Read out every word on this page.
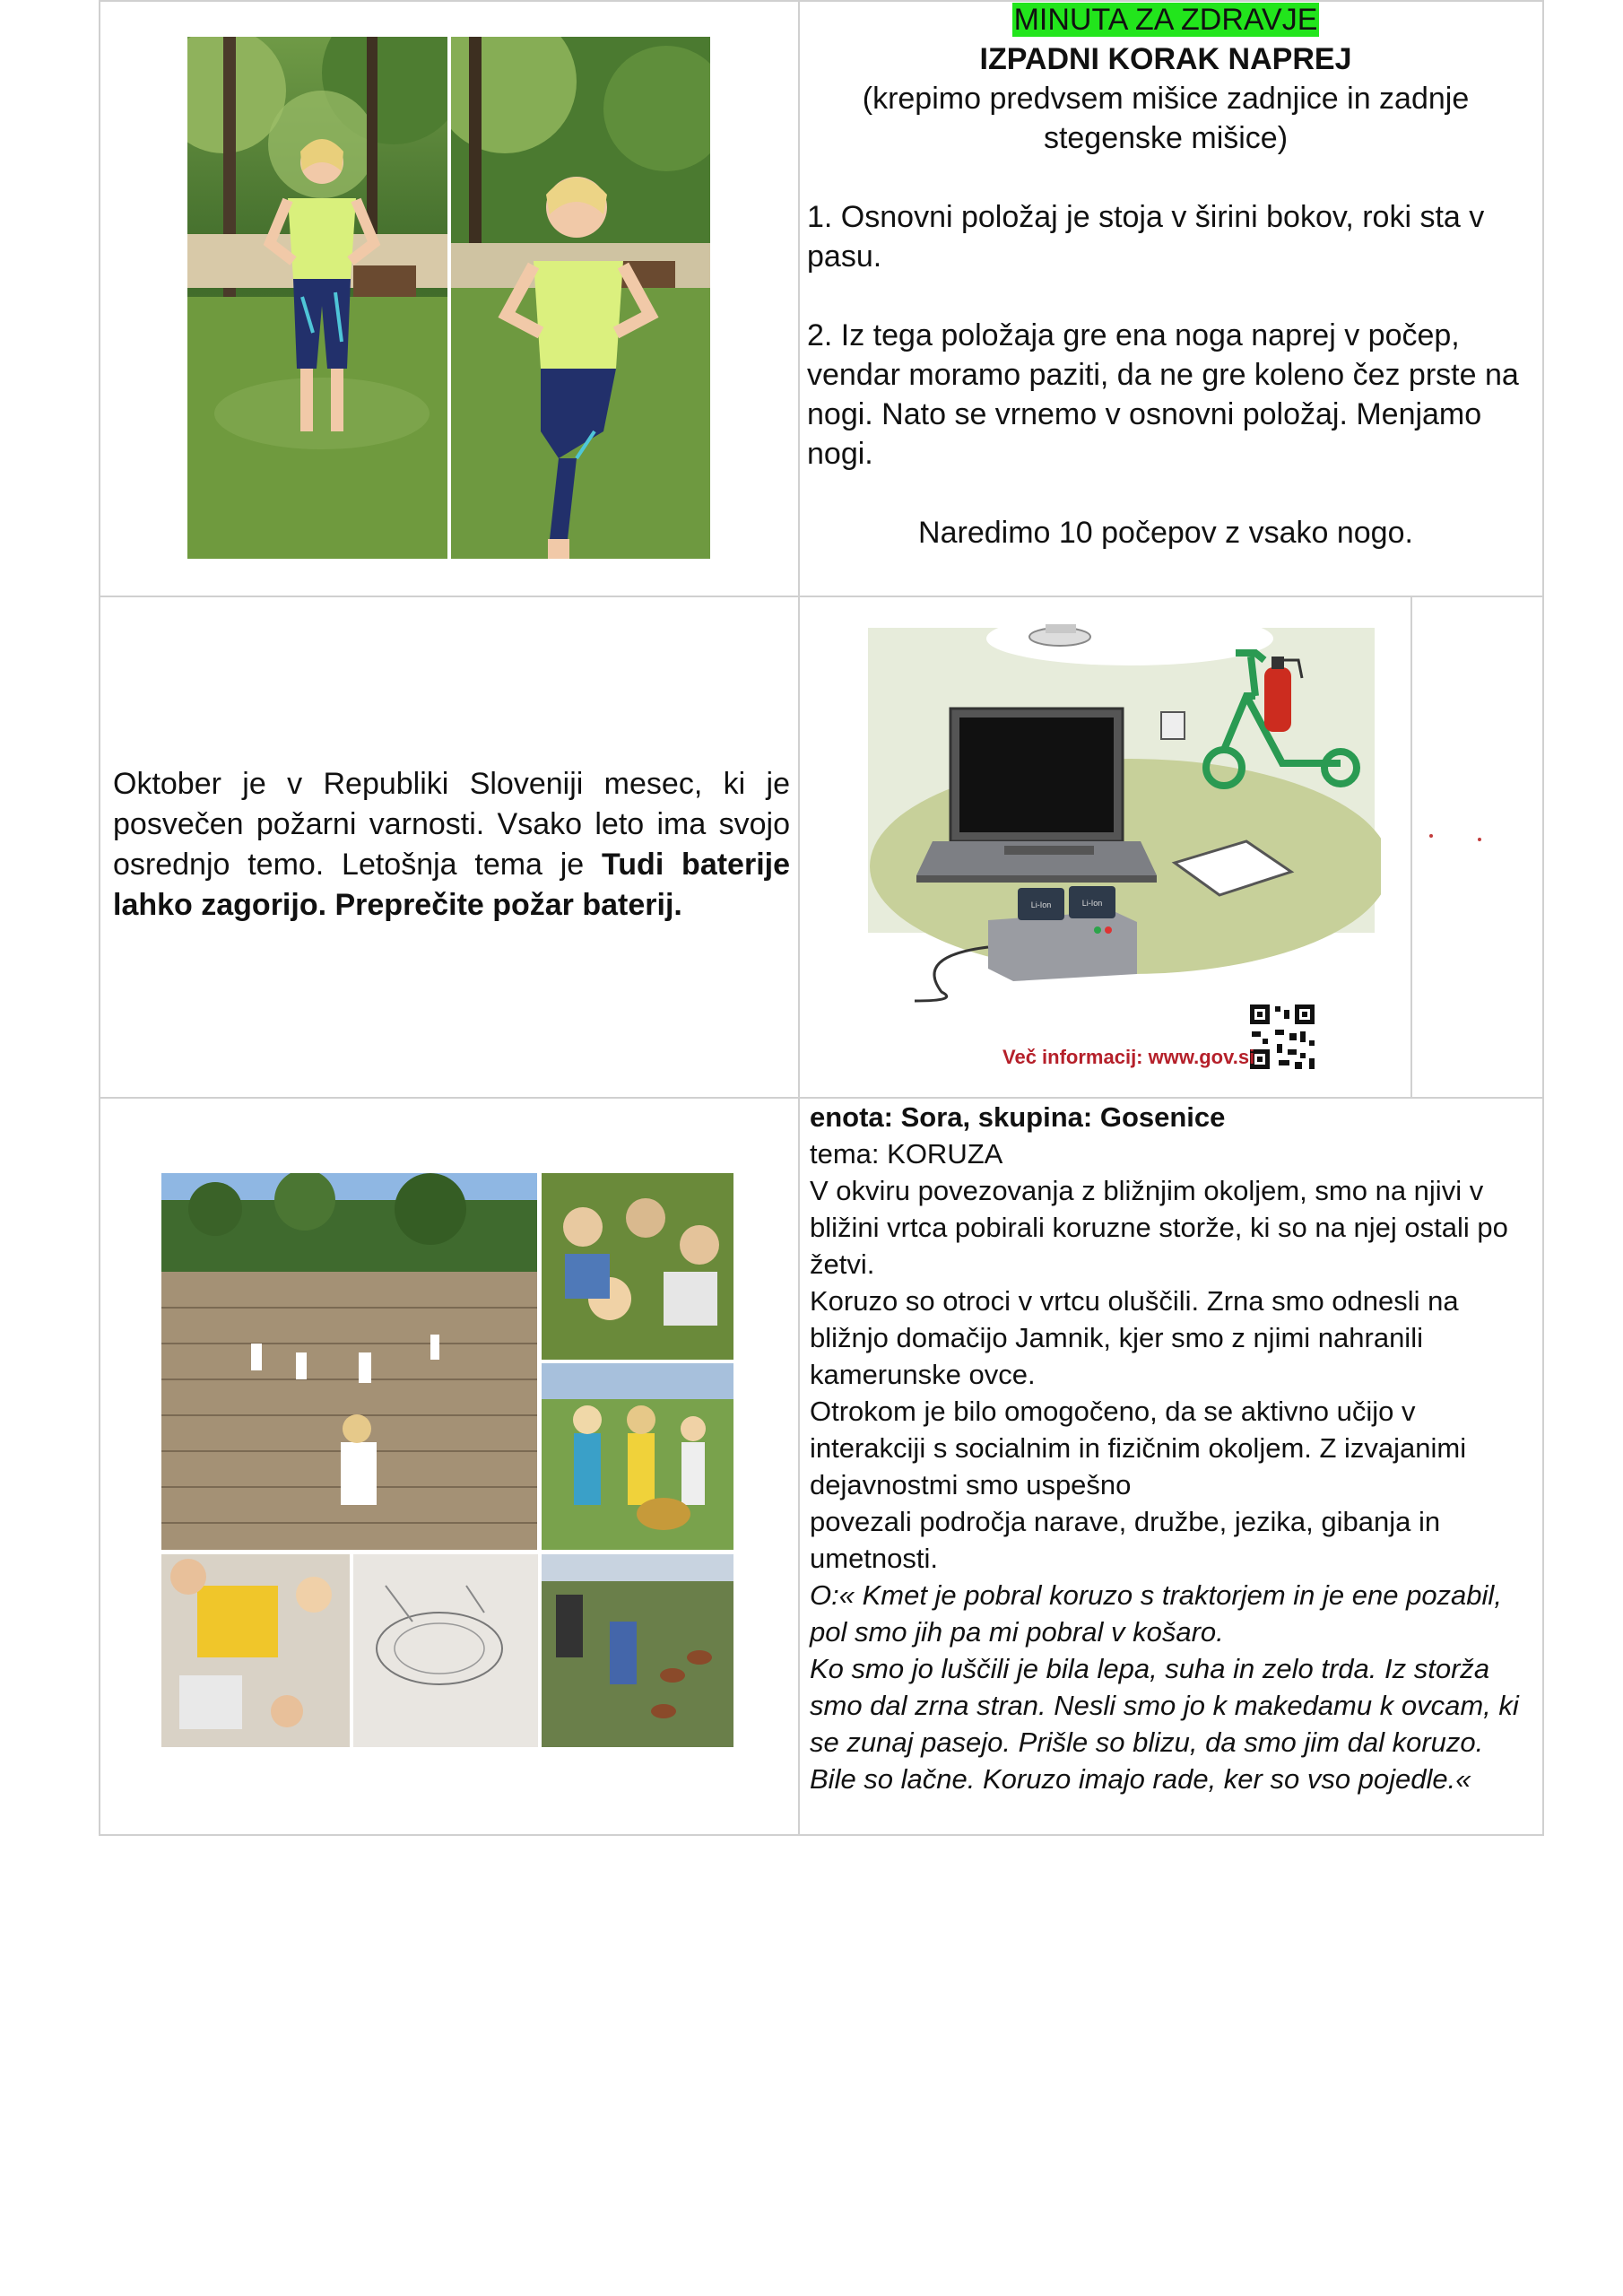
MINUTA ZA ZDRAVJE

IZPADNI KORAK NAPREJ

(krepimo predvsem mišice zadnjice in zadnje stegenske mišice)

1. Osnovni položaj je stoja v širini bokov, roki sta v pasu.

2. Iz tega položaja gre ena noga naprej v počep, vendar moramo paziti, da ne gre koleno čez prste na nogi. Nato se vrnemo v osnovni položaj. Menjamo nogi.

Naredimo 10 počepov z vsako nogo.

Oktober je v Republiki Sloveniji mesec, ki je posvečen požarni varnosti. Vsako leto ima svojo osrednjo temo. Letošnja tema je Tudi baterije lahko zagorijo. Preprečite požar baterij.	Li-Ion	Li-Ion
Več informacij: www.gov.si

enota: Sora, skupina: Gosenice

tema: KORUZA

V okviru povezovanja z bližnjim okoljem, smo na njivi v bližini vrtca pobirali koruzne storže, ki so na njej ostali po žetvi.

Koruzo so otroci v vrtcu oluščili. Zrna smo odnesli na bližnjo domačijo Jamnik, kjer smo z njimi nahranili kamerunske ovce.

Otrokom je bilo omogočeno, da se aktivno učijo v interakciji s socialnim in fizičnim okoljem. Z izvajanimi dejavnostmi smo uspešno

povezali področja narave, družbe, jezika, gibanja in umetnosti.

O:« Kmet je pobral koruzo s traktorjem in je ene pozabil, pol smo jih pa mi pobral v košaro.

Ko smo jo luščili je bila lepa, suha in zelo trda. Iz storža smo dal zrna stran. Nesli smo jo k makedamu k ovcam, ki se zunaj pasejo. Prišle so blizu, da smo jim dal koruzo. Bile so lačne. Koruzo imajo rade, ker so vso pojedle.«
